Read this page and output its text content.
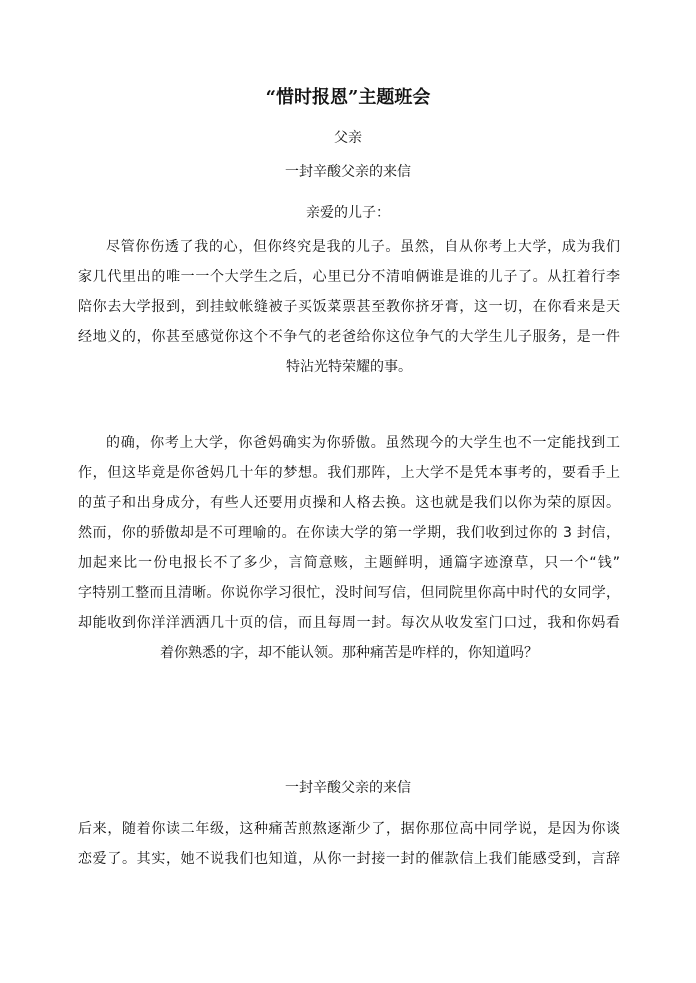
“惜时报恩”主题班会
父亲
一封辛酸父亲的来信
亲爱的儿子：
尽管你伤透了我的心，但你终究是我的儿子。虽然，自从你考上大学，成为我们
家几代里出的唯一一个大学生之后，心里已分不清咱俩谁是谁的儿子了。从扛着行李
陪你去大学报到，到挂蚊帐缝被子买饭菜票甚至教你挤牙膏，这一切，在你看来是天
经地义的，你甚至感觉你这个不争气的老爸给你这位争气的大学生儿子服务，是一件
特沾光特荣耀的事。
的确，你考上大学，你爸妈确实为你骄傲。虽然现今的大学生也不一定能找到工
作，但这毕竟是你爸妈几十年的梦想。我们那阵，上大学不是凭本事考的，要看手上
的茧子和出身成分，有些人还要用贞操和人格去换。这也就是我们以你为荣的原因。
然而，你的骄傲却是不可理喻的。在你读大学的第一学期，我们收到过你的 3 封信，
加起来比一份电报长不了多少，言简意赅，主题鲜明，通篇字迹潦草，只一个“钱”
字特别工整而且清晰。你说你学习很忙，没时间写信，但同院里你高中时代的女同学，
却能收到你洋洋洒洒几十页的信，而且每周一封。每次从收发室门口过，我和你妈看
着你熟悉的字，却不能认领。那种痛苦是咋样的，你知道吗？
一封辛酸父亲的来信
后来，随着你读二年级，这种痛苦煎熬逐渐少了，据你那位高中同学说，是因为你谈
恋爱了。其实，她不说我们也知道，从你一封接一封的催款信上我们能感受到，言辞
